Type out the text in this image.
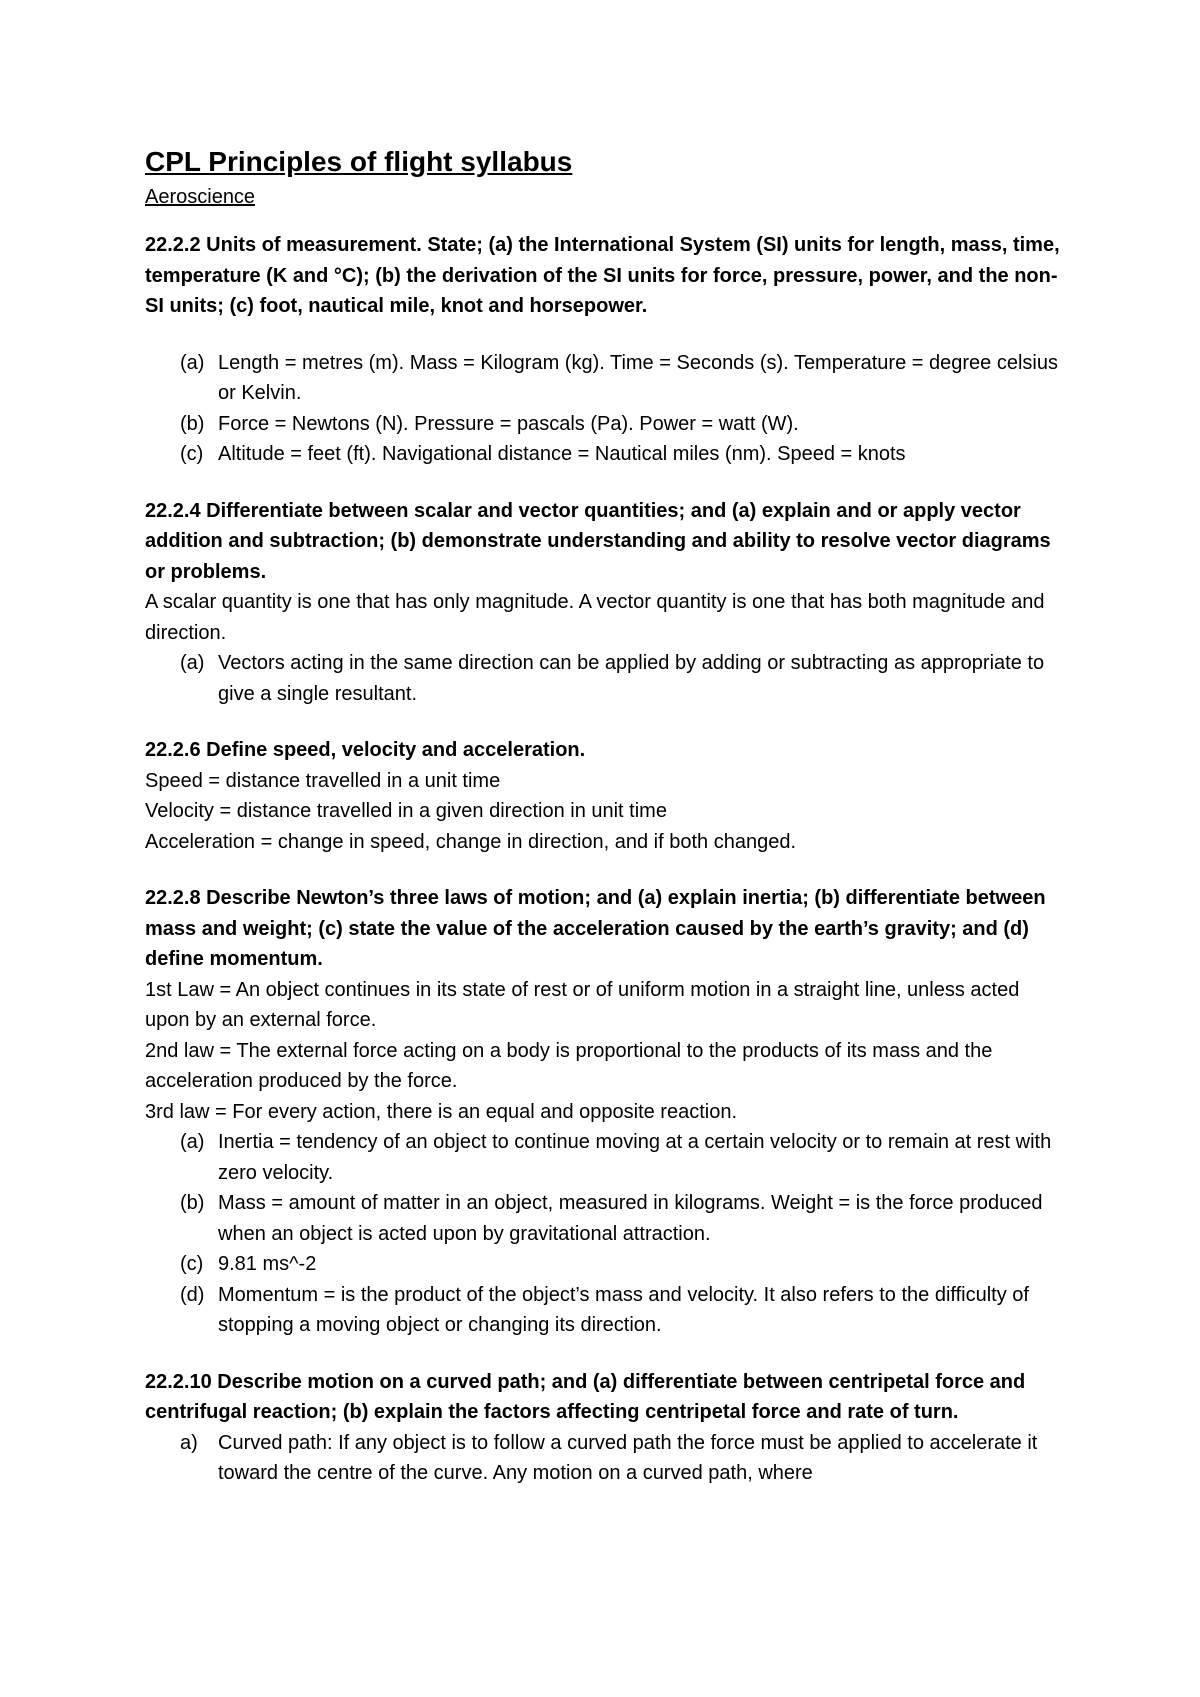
CPL Principles of flight syllabus
Aeroscience

22.2.2 Units of measurement. State; (a) the International System (SI) units for length, mass, time, temperature (K and °C); (b) the derivation of the SI units for force, pressure, power, and the non-SI units; (c) foot, nautical mile, knot and horsepower.

(a) Length = metres (m). Mass = Kilogram (kg). Time = Seconds (s). Temperature = degree celsius or Kelvin.
(b) Force = Newtons (N). Pressure = pascals (Pa). Power = watt (W).
(c) Altitude = feet (ft). Navigational distance = Nautical miles (nm). Speed = knots

22.2.4 Differentiate between scalar and vector quantities; and (a) explain and or apply vector addition and subtraction; (b) demonstrate understanding and ability to resolve vector diagrams or problems.

A scalar quantity is one that has only magnitude. A vector quantity is one that has both magnitude and direction.

(a) Vectors acting in the same direction can be applied by adding or subtracting as appropriate to give a single resultant.

22.2.6 Define speed, velocity and acceleration.

Speed = distance travelled in a unit time

Velocity = distance travelled in a given direction in unit time

Acceleration = change in speed, change in direction, and if both changed.

22.2.8 Describe Newton’s three laws of motion; and (a) explain inertia; (b) differentiate between mass and weight; (c) state the value of the acceleration caused by the earth’s gravity; and (d) define momentum.

1st Law = An object continues in its state of rest or of uniform motion in a straight line, unless acted upon by an external force.

2nd law = The external force acting on a body is proportional to the products of its mass and the acceleration produced by the force.

3rd law = For every action, there is an equal and opposite reaction.

(a) Inertia = tendency of an object to continue moving at a certain velocity or to remain at rest with zero velocity.
(b) Mass = amount of matter in an object, measured in kilograms. Weight = is the force produced when an object is acted upon by gravitational attraction.
(c) 9.81 ms^-2
(d) Momentum = is the product of the object’s mass and velocity. It also refers to the difficulty of stopping a moving object or changing its direction.

22.2.10 Describe motion on a curved path; and (a) differentiate between centripetal force and centrifugal reaction; (b) explain the factors affecting centripetal force and rate of turn.

a) Curved path: If any object is to follow a curved path the force must be applied to accelerate it toward the centre of the curve. Any motion on a curved path, where
